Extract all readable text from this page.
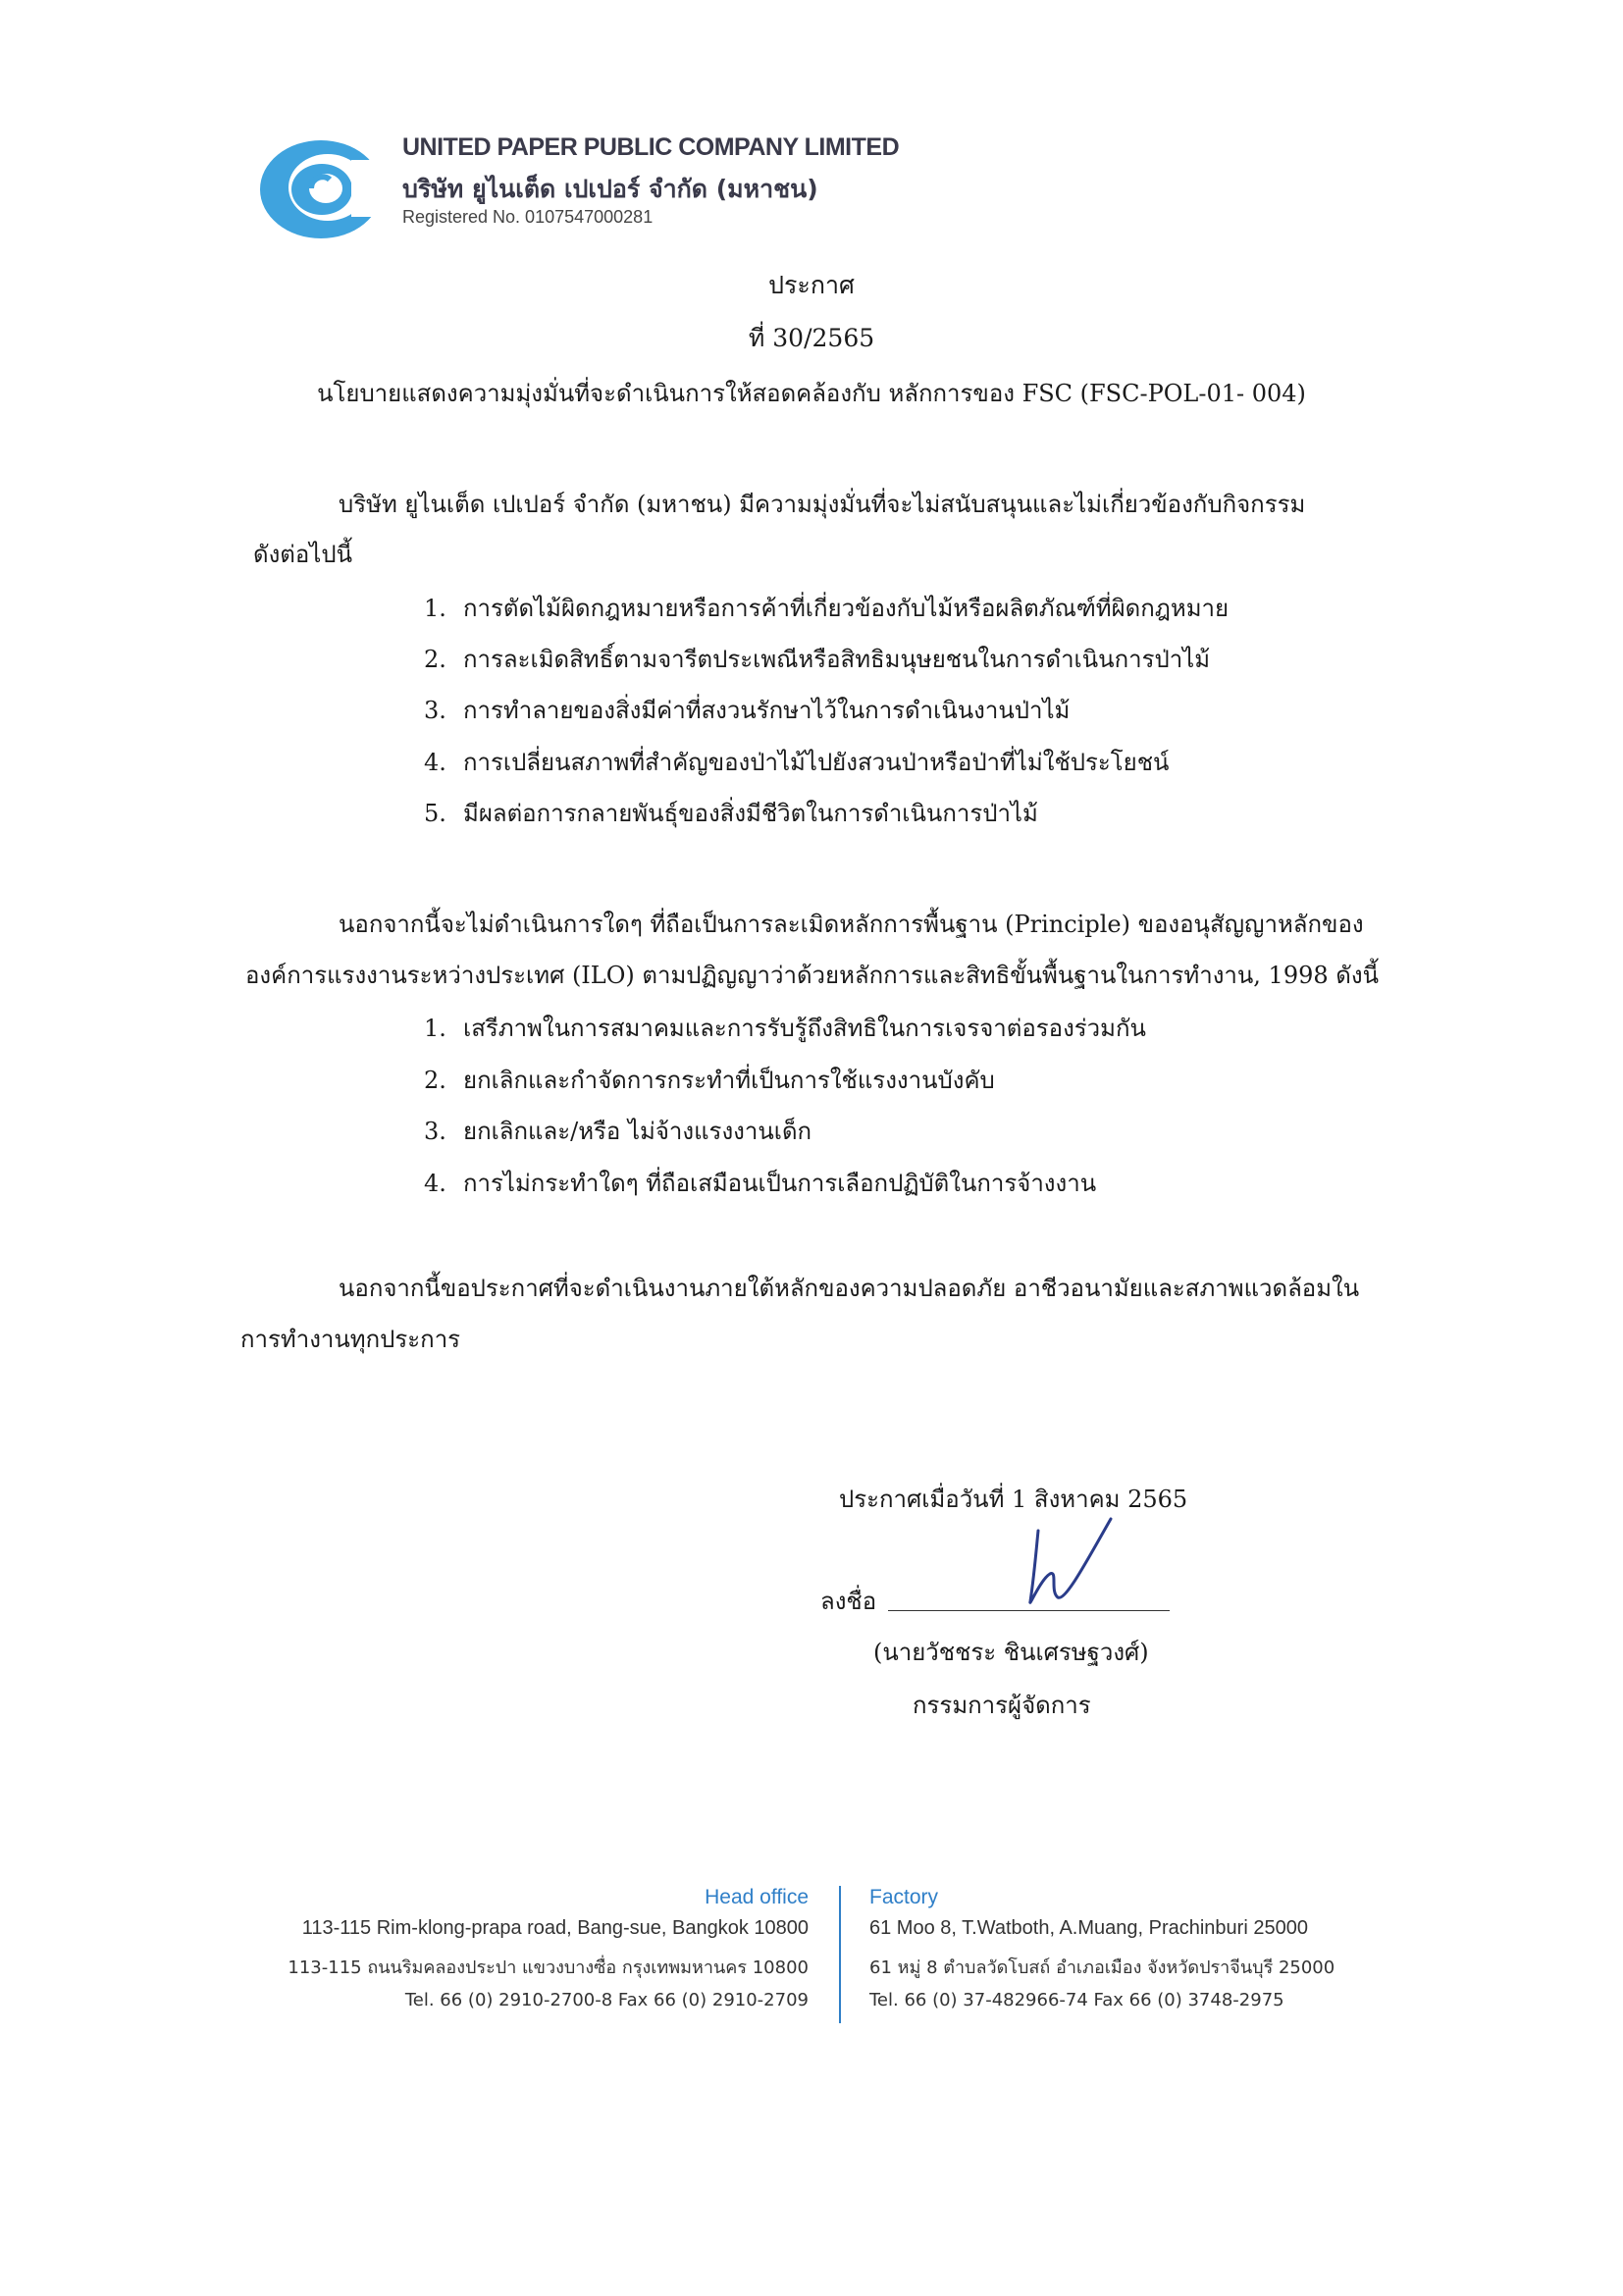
UNITED PAPER PUBLIC COMPANY LIMITED
บริษัท ยูไนเต็ด เปเปอร์ จำกัด (มหาชน)
Registered No. 0107547000281
ประกาศ
ที่ 30/2565
นโยบายแสดงความมุ่งมั่นที่จะดำเนินการให้สอดคล้องกับ หลักการของ FSC (FSC-POL-01- 004)
บริษัท ยูไนเต็ด เปเปอร์ จำกัด (มหาชน) มีความมุ่งมั่นที่จะไม่สนับสนุนและไม่เกี่ยวข้องกับกิจกรรม
ดังต่อไปนี้
1. การตัดไม้ผิดกฎหมายหรือการค้าที่เกี่ยวข้องกับไม้หรือผลิตภัณฑ์ที่ผิดกฎหมาย
2. การละเมิดสิทธิ์ตามจารีตประเพณีหรือสิทธิมนุษยชนในการดำเนินการป่าไม้
3. การทำลายของสิ่งมีค่าที่สงวนรักษาไว้ในการดำเนินงานป่าไม้
4. การเปลี่ยนสภาพที่สำคัญของป่าไม้ไปยังสวนป่าหรือป่าที่ไม่ใช้ประโยชน์
5. มีผลต่อการกลายพันธุ์ของสิ่งมีชีวิตในการดำเนินการป่าไม้
นอกจากนี้จะไม่ดำเนินการใดๆ ที่ถือเป็นการละเมิดหลักการพื้นฐาน (Principle) ของอนุสัญญาหลักของ
องค์การแรงงานระหว่างประเทศ (ILO) ตามปฏิญญาว่าด้วยหลักการและสิทธิขั้นพื้นฐานในการทำงาน, 1998 ดังนี้
1. เสรีภาพในการสมาคมและการรับรู้ถึงสิทธิในการเจรจาต่อรองร่วมกัน
2. ยกเลิกและกำจัดการกระทำที่เป็นการใช้แรงงานบังคับ
3. ยกเลิกและ/หรือ ไม่จ้างแรงงานเด็ก
4. การไม่กระทำใดๆ ที่ถือเสมือนเป็นการเลือกปฏิบัติในการจ้างงาน
นอกจากนี้ขอประกาศที่จะดำเนินงานภายใต้หลักของความปลอดภัย อาชีวอนามัยและสภาพแวดล้อมใน
การทำงานทุกประการ
ประกาศเมื่อวันที่ 1 สิงหาคม 2565
ลงชื่อ
(นายวัชชระ ชินเศรษฐวงศ์)
กรรมการผู้จัดการ
Head office
113-115 Rim-klong-prapa road, Bang-sue, Bangkok 10800
113-115 ถนนริมคลองประปา แขวงบางซื่อ กรุงเทพมหานคร 10800
Tel. 66 (0) 2910-2700-8 Fax 66 (0) 2910-2709
Factory
61 Moo 8, T.Watboth, A.Muang, Prachinburi 25000
61 หมู่ 8 ตำบลวัดโบสถ์ อำเภอเมือง จังหวัดปราจีนบุรี 25000
Tel. 66 (0) 37-482966-74 Fax 66 (0) 3748-2975
